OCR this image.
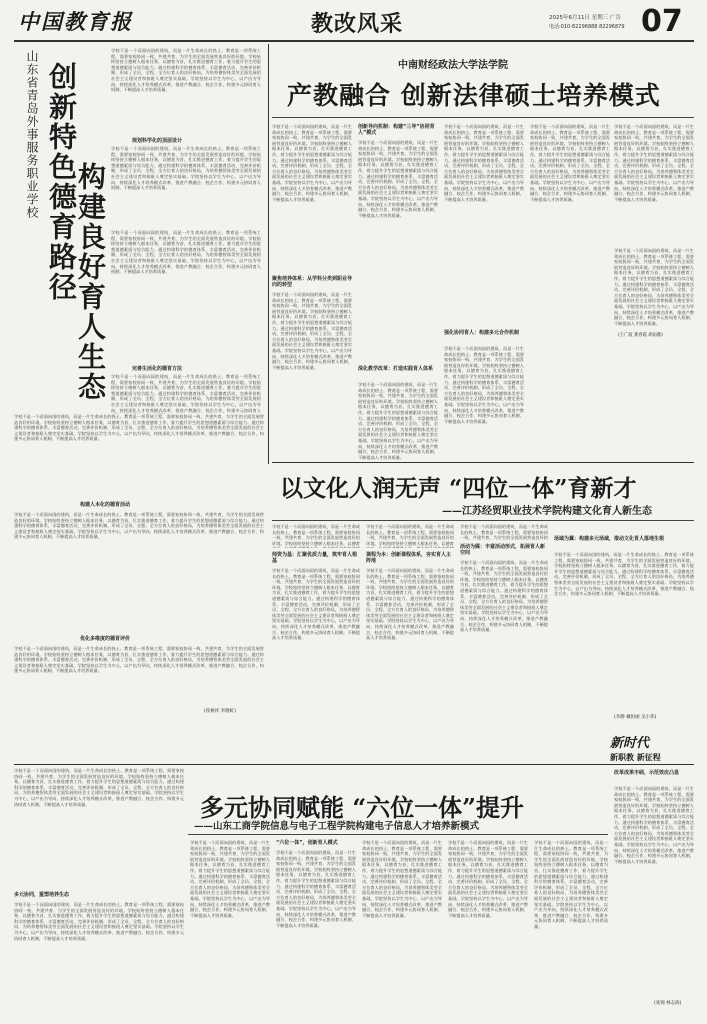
中国教育报	教改风采	2025年6月11日 星期三 广告
电话:010-82296888 82296879 07
山东省青岛外事服务职业学校 创新特色德育路径
构建良好育人生态
学校不是一个而面向国的建筑，而是一片生命成长的热土。教育是一项系统工程，需要家校协同一致，共建共育，为学生的全面发展营造良好的环境。学校始终坚持立德树人根本任务，以德育为首，扎实推进德育工作，着力提升学生的思想道德素质与综合能力。通过构建科学的德育体系，丰富德育活动，完善评价机制，形成了全员、全程、全方位育人的良好格局，为培养德智体美劳全面发展的社会主义建设者和接班人奠定坚实基础。学院坚持以学生为中心，以产出为导向，持续深化人才培养模式改革，推进产教融合、校企合作，构建多元协同育人机制，不断提高人才培养质量。
规划科学化的顶层设计
学校不是一个而面向国的建筑，而是一片生命成长的热土。教育是一项系统工程，需要家校协同一致，共建共育，为学生的全面发展营造良好的环境。学校始终坚持立德树人根本任务，以德育为首，扎实推进德育工作，着力提升学生的思想道德素质与综合能力。通过构建科学的德育体系，丰富德育活动，完善评价机制，形成了全员、全程、全方位育人的良好格局，为培养德智体美劳全面发展的社会主义建设者和接班人奠定坚实基础。学院坚持以学生为中心，以产出为导向，持续深化人才培养模式改革，推进产教融合、校企合作，构建多元协同育人机制，不断提高人才培养质量。
学校不是一个而面向国的建筑，而是一片生命成长的热土。教育是一项系统工程，需要家校协同一致，共建共育，为学生的全面发展营造良好的环境。学校始终坚持立德树人根本任务，以德育为首，扎实推进德育工作，着力提升学生的思想道德素质与综合能力。通过构建科学的德育体系，丰富德育活动，完善评价机制，形成了全员、全程、全方位育人的良好格局，为培养德智体美劳全面发展的社会主义建设者和接班人奠定坚实基础。学院坚持以学生为中心，以产出为导向，持续深化人才培养模式改革，推进产教融合、校企合作，构建多元协同育人机制，不断提高人才培养质量。
完善生活化的德育方法
学校不是一个而面向国的建筑，而是一片生命成长的热土。教育是一项系统工程，需要家校协同一致，共建共育，为学生的全面发展营造良好的环境。学校始终坚持立德树人根本任务，以德育为首，扎实推进德育工作，着力提升学生的思想道德素质与综合能力。通过构建科学的德育体系，丰富德育活动，完善评价机制，形成了全员、全程、全方位育人的良好格局，为培养德智体美劳全面发展的社会主义建设者和接班人奠定坚实基础。学院坚持以学生为中心，以产出为导向，持续深化人才培养模式改革，推进产教融合、校企合作，构建多元协同育人
学校不是一个而面向国的建筑，而是一片生命成长的热土。教育是一项系统工程，需要家校协同一致，共建共育，为学生的全面发展营造良好的环境。学校始终坚持立德树人根本任务，以德育为首，扎实推进德育工作，着力提升学生的思想道德素质与综合能力。通过构建科学的德育体系，丰富德育活动，完善评价机制，形成了全员、全程、全方位育人的良好格局，为培养德智体美劳全面发展的社会主义建设者和接班人奠定坚实基础。学院坚持以学生为中心，以产出为导向，持续深化人才培养模式改革，推进产教融合、校企合作，构建多元协同育人机制，不断提高人才培养质量。
构建人本化的德育活动
学校不是一个而面向国的建筑，而是一片生命成长的热土。教育是一项系统工程，需要家校协同一致，共建共育，为学生的全面发展营造良好的环境。学校始终坚持立德树人根本任务，以德育为首，扎实推进德育工作，着力提升学生的思想道德素质与综合能力。通过构建科学的德育体系，丰富德育活动，完善评价机制，形成了全员、全程、全方位育人的良好格局，为培养德智体美劳全面发展的社会主义建设者和接班人奠定坚实基础。学院坚持以学生为中心，以产出为导向，持续深化人才培养模式改革，推进产教融合、校企合作，构建多元协同育人机制，不断提高人才培养质量。
优化多维度的德育评价
学校不是一个而面向国的建筑，而是一片生命成长的热土。教育是一项系统工程，需要家校协同一致，共建共育，为学生的全面发展营造良好的环境。学校始终坚持立德树人根本任务，以德育为首，扎实推进德育工作，着力提升学生的思想道德素质与综合能力。通过构建科学的德育体系，丰富德育活动，完善评价机制，形成了全员、全程、全方位育人的良好格局，为培养德智体美劳全面发展的社会主义建设者和接班人奠定坚实基础。学院坚持以学生为中心，以产出为导向，持续深化人才培养模式改革，推进产教融合、校企合作，构建多元协同育人机制，不断提高人才培养质量。
(崔树祥 李晓虹)
中南财经政法大学法学院
产教融合 创新法律硕士培养模式
学校不是一个而面向国的建筑，而是一片生命成长的热土。教育是一项系统工程，需要家校协同一致，共建共育，为学生的全面发展营造良好的环境。学校始终坚持立德树人根本任务，以德育为首，扎实推进德育工作，着力提升学生的思想道德素质与综合能力。通过构建科学的德育体系，丰富德育活动，完善评价机制，形成了全员、全程、全方位育人的良好格局，为培养德智体美劳全面发展的社会主义建设者和接班人奠定坚实基础。学院坚持以学生为中心，以产出为导向，持续深化人才培养模式改革，推进产教融合、校企合作，构建多元协同育人机制，不断提高人才培养质量。
聚焦培养体系：从学科分类到职业导向的转型
学校不是一个而面向国的建筑，而是一片生命成长的热土。教育是一项系统工程，需要家校协同一致，共建共育，为学生的全面发展营造良好的环境。学校始终坚持立德树人根本任务，以德育为首，扎实推进德育工作，着力提升学生的思想道德素质与综合能力。通过构建科学的德育体系，丰富德育活动，完善评价机制，形成了全员、全程、全方位育人的良好格局，为培养德智体美劳全面发展的社会主义建设者和接班人奠定坚实基础。学院坚持以学生为中心，以产出为导向，持续深化人才培养模式改革，推进产教融合、校企合作，构建多元协同育人机制，不断提高人才培养质量。
创新导向机制：构建“三导”协同育人”模式
学校不是一个而面向国的建筑，而是一片生命成长的热土。教育是一项系统工程，需要家校协同一致，共建共育，为学生的全面发展营造良好的环境。学校始终坚持立德树人根本任务，以德育为首，扎实推进德育工作，着力提升学生的思想道德素质与综合能力。通过构建科学的德育体系，丰富德育活动，完善评价机制，形成了全员、全程、全方位育人的良好格局，为培养德智体美劳全面发展的社会主义建设者和接班人奠定坚实基础。学院坚持以学生为中心，以产出为导向，持续深化人才培养模式改革，推进产教融合、校企合作，构建多元协同育人机制，不断提高人才培养质量。
深化教学改革：打造实践育人体系
学校不是一个而面向国的建筑，而是一片生命成长的热土。教育是一项系统工程，需要家校协同一致，共建共育，为学生的全面发展营造良好的环境。学校始终坚持立德树人根本任务，以德育为首，扎实推进德育工作，着力提升学生的思想道德素质与综合能力。通过构建科学的德育体系，丰富德育活动，完善评价机制，形成了全员、全程、全方位育人的良好格局，为培养德智体美劳全面发展的社会主义建设者和接班人奠定坚实基础。学院坚持以学生为中心，以产出为导向，持续深化人才培养模式改革，推进产教融合、校企合作，构建多元协同育人机制，不断提高人才培养质量。
学校不是一个而面向国的建筑，而是一片生命成长的热土。教育是一项系统工程，需要家校协同一致，共建共育，为学生的全面发展营造良好的环境。学校始终坚持立德树人根本任务，以德育为首，扎实推进德育工作，着力提升学生的思想道德素质与综合能力。通过构建科学的德育体系，丰富德育活动，完善评价机制，形成了全员、全程、全方位育人的良好格局，为培养德智体美劳全面发展的社会主义建设者和接班人奠定坚实基础。学院坚持以学生为中心，以产出为导向，持续深化人才培养模式改革，推进产教融合、校企合作，构建多元协同育人机制，不断提高人才培养质量。
强化协同育人：构建多元合作机制
学校不是一个而面向国的建筑，而是一片生命成长的热土。教育是一项系统工程，需要家校协同一致，共建共育，为学生的全面发展营造良好的环境。学校始终坚持立德树人根本任务，以德育为首，扎实推进德育工作，着力提升学生的思想道德素质与综合能力。通过构建科学的德育体系，丰富德育活动，完善评价机制，形成了全员、全程、全方位育人的良好格局，为培养德智体美劳全面发展的社会主义建设者和接班人奠定坚实基础。学院坚持以学生为中心，以产出为导向，持续深化人才培养模式改革，推进产教融合、校企合作，构建多元协同育人机制，不断提高人才培养质量。
学校不是一个而面向国的建筑，而是一片生命成长的热土。教育是一项系统工程，需要家校协同一致，共建共育，为学生的全面发展营造良好的环境。学校始终坚持立德树人根本任务，以德育为首，扎实推进德育工作，着力提升学生的思想道德素质与综合能力。通过构建科学的德育体系，丰富德育活动，完善评价机制，形成了全员、全程、全方位育人的良好格局，为培养德智体美劳全面发展的社会主义建设者和接班人奠定坚实基础。学院坚持以学生为中心，以产出为导向，持续深化人才培养模式改革，推进产教融合、校企合作，构建多元协同育人机制，不断提高人才培养质量。
学校不是一个而面向国的建筑，而是一片生命成长的热土。教育是一项系统工程，需要家校协同一致，共建共育，为学生的全面发展营造良好的环境。学校始终坚持立德树人根本任务，以德育为首，扎实推进德育工作，着力提升学生的思想道德素质与综合能力。通过构建科学的德育体系，丰富德育活动，完善评价机制，形成了全员、全程、全方位育人的良好格局，为培养德智体美劳全面发展的社会主义建设者和接班人奠定坚实基础。学院坚持以学生为中心，以产出为导向，持续深化人才培养模式改革，推进产教融合、校企合作，构建多元协同育人机制，不断提高人才培养质量。
学校不是一个而面向国的建筑，而是一片生命成长的热土。教育是一项系统工程，需要家校协同一致，共建共育，为学生的全面发展营造良好的环境。学校始终坚持立德树人根本任务，以德育为首，扎实推进德育工作，着力提升学生的思想道德素质与综合能力。通过构建科学的德育体系，丰富德育活动，完善评价机制，形成了全员、全程、全方位育人的良好格局，为培养德智体美劳全面发展的社会主义建设者和接班人奠定坚实基础。学院坚持以学生为中心，以产出为导向，持续深化人才培养模式改革，推进产教融合、校企合作，构建多元协同育人机制，不断提高人才培养质量。
(王广波 龚春霞 胡雨薇)
以文化人润无声 “四位一体”育新才
——江苏经贸职业技术学院构建文化育人新生态
学校不是一个而面向国的建筑，而是一片生命成长的热土。教育是一项系统工程，需要家校协同一致，共建共育，为学生的全面发展营造良好的环境。学校始终坚持立德树人根本任务，以德育
师资为基：汇聚优质力量，筑牢育人根基
学校不是一个而面向国的建筑，而是一片生命成长的热土。教育是一项系统工程，需要家校协同一致，共建共育，为学生的全面发展营造良好的环境。学校始终坚持立德树人根本任务，以德育为首，扎实推进德育工作，着力提升学生的思想道德素质与综合能力。通过构建科学的德育体系，丰富德育活动，完善评价机制，形成了全员、全程、全方位育人的良好格局，为培养德智体美劳全面发展的社会主义建设者和接班人奠定坚实基础。学院坚持以学生为中心，以产出为导向，持续深化人才培养模式改革，推进产教融合、校企合作，构建多元协同育人机制，不断提高人才培养质量。
学校不是一个而面向国的建筑，而是一片生命成长的热土。教育是一项系统工程，需要家校协同一致，共建共育，为学生的全面发展营造良好的环境。学校始终坚持立德树人根本任务，以德育
课程为本：创新课程体系，夯实育人主阵地
学校不是一个而面向国的建筑，而是一片生命成长的热土。教育是一项系统工程，需要家校协同一致，共建共育，为学生的全面发展营造良好的环境。学校始终坚持立德树人根本任务，以德育为首，扎实推进德育工作，着力提升学生的思想道德素质与综合能力。通过构建科学的德育体系，丰富德育活动，完善评价机制，形成了全员、全程、全方位育人的良好格局，为培养德智体美劳全面发展的社会主义建设者和接班人奠定坚实基础。学院坚持以学生为中心，以产出为导向，持续深化人才培养模式改革，推进产教融合、校企合作，构建多元协同育人机制，不断提高人才培养质量。
学校不是一个而面向国的建筑，而是一片生命成长的热土。教育是一项系统工程，需要家校协同一致，共建共育，为学生的全面发展营造良好的
活动为媒：丰富活动形式，拓展育人新空间
学校不是一个而面向国的建筑，而是一片生命成长的热土。教育是一项系统工程，需要家校协同一致，共建共育，为学生的全面发展营造良好的环境。学校始终坚持立德树人根本任务，以德育为首，扎实推进德育工作，着力提升学生的思想道德素质与综合能力。通过构建科学的德育体系，丰富德育活动，完善评价机制，形成了全员、全程、全方位育人的良好格局，为培养德智体美劳全面发展的社会主义建设者和接班人奠定坚实基础。学院坚持以学生为中心，以产出为导向，持续深化人才培养模式改革，推进产教融合、校企合作，构建多元协同育人机制，不断提高人才培养质量。
场域为翼：构建多元场域，推动文化育人落地生根
学校不是一个而面向国的建筑，而是一片生命成长的热土。教育是一项系统工程，需要家校协同一致，共建共育，为学生的全面发展营造良好的环境。学校始终坚持立德树人根本任务，以德育为首，扎实推进德育工作，着力提升学生的思想道德素质与综合能力。通过构建科学的德育体系，丰富德育活动，完善评价机制，形成了全员、全程、全方位育人的良好格局，为培养德智体美劳全面发展的社会主义建设者和接班人奠定坚实基础。学院坚持以学生为中心，以产出为导向，持续深化人才培养模式改革，推进产教融合、校企合作，构建多元协同育人机制，不断提高人才培养质量。
(李静 戴恒丽 吴小伟)
新时代
新职教 新征程
多元协同赋能 “六位一体”提升
——山东工商学院信息与电子工程学院构建电子信息人才培养新模式
学校不是一个而面向国的建筑，而是一片生命成长的热土。教育是一项系统工程，需要家校协同一致，共建共育，为学生的全面发展营造良好的环境。学校始终坚持立德树人根本任务，以德育为首，扎实推进德育工作，着力提升学生的思想道德素质与综合能力。通过构建科学的德育体系，丰富德育活动，完善评价机制，形成了全员、全程、全方位育人的良好格局，为培养德智体美劳全面发展的社会主义建设者和接班人奠定坚实基础。学院坚持以学生为中心，以产出为导向，持续深化人才培养模式改革，推进产教融合、校企合作，构建多元协同育人机制，不断提高人才培养质量。
多元协同，重塑培养生态
学校不是一个而面向国的建筑，而是一片生命成长的热土。教育是一项系统工程，需要家校协同一致，共建共育，为学生的全面发展营造良好的环境。学校始终坚持立德树人根本任务，以德育为首，扎实推进德育工作，着力提升学生的思想道德素质与综合能力。通过构建科学的德育体系，丰富德育活动，完善评价机制，形成了全员、全程、全方位育人的良好格局，为培养德智体美劳全面发展的社会主义建设者和接班人奠定坚实基础。学院坚持以学生为中心，以产出为导向，持续深化人才培养模式改革，推进产教融合、校企合作，构建多元协同育人机制，不断提高人才培养质量。
学校不是一个而面向国的建筑，而是一片生命成长的热土。教育是一项系统工程，需要家校协同一致，共建共育，为学生的全面发展营造良好的环境。学校始终坚持立德树人根本任务，以德育为首，扎实推进德育工作，着力提升学生的思想道德素质与综合能力。通过构建科学的德育体系，丰富德育活动，完善评价机制，形成了全员、全程、全方位育人的良好格局，为培养德智体美劳全面发展的社会主义建设者和接班人奠定坚实基础。学院坚持以学生为中心，以产出为导向，持续深化人才培养模式改革，推进产教融合、校企合作，构建多元协同育人机制，不断提高人才培养质量。
“六位一体”，创新育人模式
学校不是一个而面向国的建筑，而是一片生命成长的热土。教育是一项系统工程，需要家校协同一致，共建共育，为学生的全面发展营造良好的环境。学校始终坚持立德树人根本任务，以德育为首，扎实推进德育工作，着力提升学生的思想道德素质与综合能力。通过构建科学的德育体系，丰富德育活动，完善评价机制，形成了全员、全程、全方位育人的良好格局，为培养德智体美劳全面发展的社会主义建设者和接班人奠定坚实基础。学院坚持以学生为中心，以产出为导向，持续深化人才培养模式改革，推进产教融合、校企合作，构建多元协同育人机制，不断提高人才培养质量。
学校不是一个而面向国的建筑，而是一片生命成长的热土。教育是一项系统工程，需要家校协同一致，共建共育，为学生的全面发展营造良好的环境。学校始终坚持立德树人根本任务，以德育为首，扎实推进德育工作，着力提升学生的思想道德素质与综合能力。通过构建科学的德育体系，丰富德育活动，完善评价机制，形成了全员、全程、全方位育人的良好格局，为培养德智体美劳全面发展的社会主义建设者和接班人奠定坚实基础。学院坚持以学生为中心，以产出为导向，持续深化人才培养模式改革，推进产教融合、校企合作，构建多元协同育人机制，不断提高人才培养质量。
学校不是一个而面向国的建筑，而是一片生命成长的热土。教育是一项系统工程，需要家校协同一致，共建共育，为学生的全面发展营造良好的环境。学校始终坚持立德树人根本任务，以德育为首，扎实推进德育工作，着力提升学生的思想道德素质与综合能力。通过构建科学的德育体系，丰富德育活动，完善评价机制，形成了全员、全程、全方位育人的良好格局，为培养德智体美劳全面发展的社会主义建设者和接班人奠定坚实基础。学院坚持以学生为中心，以产出为导向，持续深化人才培养模式改革，推进产教融合、校企合作，构建多元协同育人机制，不断提高人才培养质量。
学校不是一个而面向国的建筑，而是一片生命成长的热土。教育是一项系统工程，需要家校协同一致，共建共育，为学生的全面发展营造良好的环境。学校始终坚持立德树人根本任务，以德育为首，扎实推进德育工作，着力提升学生的思想道德素质与综合能力。通过构建科学的德育体系，丰富德育活动，完善评价机制，形成了全员、全程、全方位育人的良好格局，为培养德智体美劳全面发展的社会主义建设者和接班人奠定坚实基础。学院坚持以学生为中心，以产出为导向，持续深化人才培养模式改革，推进产教融合、校企合作，构建多元协同育人机制，不断提高人才培养质量。
改革成果丰硕，示范效应凸显
学校不是一个而面向国的建筑，而是一片生命成长的热土。教育是一项系统工程，需要家校协同一致，共建共育，为学生的全面发展营造良好的环境。学校始终坚持立德树人根本任务，以德育为首，扎实推进德育工作，着力提升学生的思想道德素质与综合能力。通过构建科学的德育体系，丰富德育活动，完善评价机制，形成了全员、全程、全方位育人的良好格局，为培养德智体美劳全面发展的社会主义建设者和接班人奠定坚实基础。学院坚持以学生为中心，以产出为导向，持续深化人才培养模式改革，推进产教融合、校企合作，构建多元协同育人机制，不断提高人才培养质量。
(张锦 林志海)
